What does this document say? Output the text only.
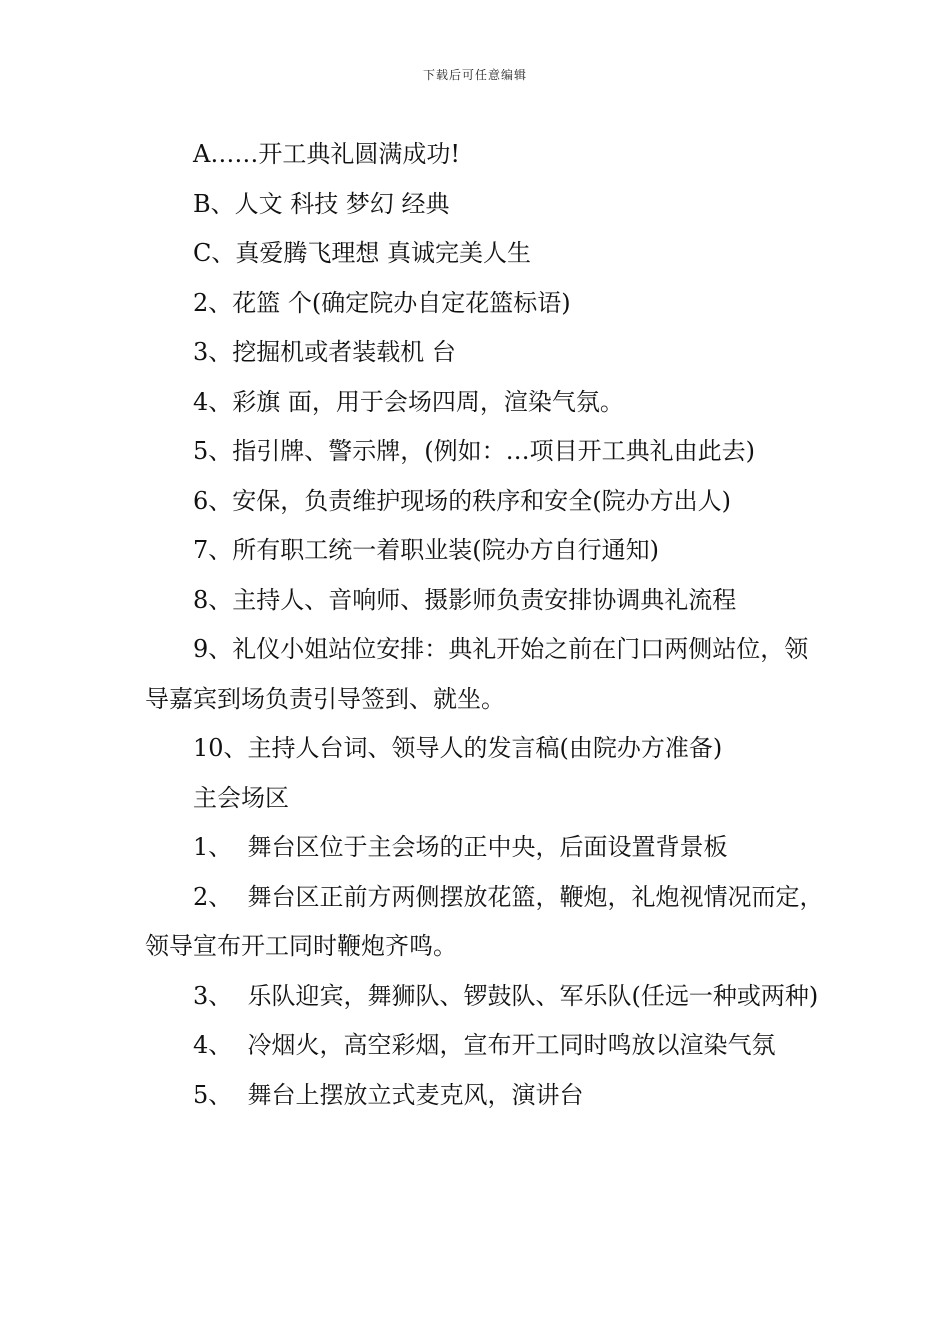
下载后可任意编辑

A……开工典礼圆满成功!

B、人文 科技 梦幻 经典

C、真爱腾飞理想 真诚完美人生

2、花篮 个(确定院办自定花篮标语)

3、挖掘机或者装载机 台

4、彩旗 面，用于会场四周，渲染气氛。

5、指引牌、警示牌，(例如：…项目开工典礼由此去)

6、安保，负责维护现场的秩序和安全(院办方出人)

7、所有职工统一着职业装(院办方自行通知)

8、主持人、音响师、摄影师负责安排协调典礼流程

9、礼仪小姐站位安排：典礼开始之前在门口两侧站位，领导嘉宾到场负责引导签到、就坐。

10、主持人台词、领导人的发言稿(由院办方准备)

主会场区

1、  舞台区位于主会场的正中央，后面设置背景板

2、  舞台区正前方两侧摆放花篮，鞭炮，礼炮视情况而定，领导宣布开工同时鞭炮齐鸣。

3、  乐队迎宾，舞狮队、锣鼓队、军乐队(任远一种或两种)

4、  冷烟火，高空彩烟，宣布开工同时鸣放以渲染气氛

5、  舞台上摆放立式麦克风，演讲台
